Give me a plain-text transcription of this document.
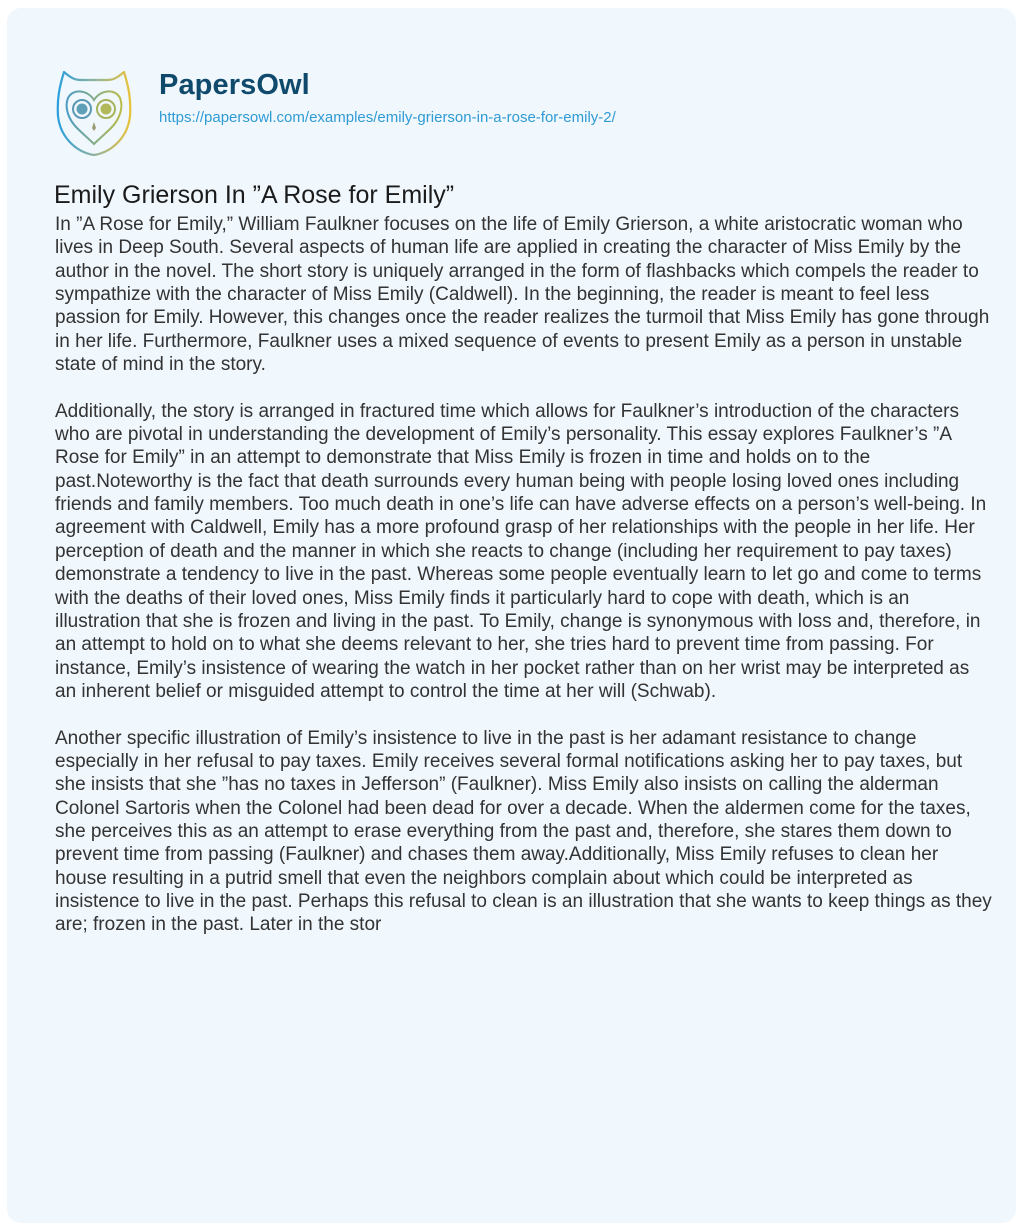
PapersOwl
https://papersowl.com/examples/emily-grierson-in-a-rose-for-emily-2/
Emily Grierson In ”A Rose for Emily”

In ”A Rose for Emily,” William Faulkner focuses on the life of Emily Grierson, a white aristocratic woman who lives in Deep South. Several aspects of human life are applied in creating the character of Miss Emily by the author in the novel. The short story is uniquely arranged in the form of flashbacks which compels the reader to sympathize with the character of Miss Emily (Caldwell). In the beginning, the reader is meant to feel less passion for Emily. However, this changes once the reader realizes the turmoil that Miss Emily has gone through in her life. Furthermore, Faulkner uses a mixed sequence of events to present Emily as a person in unstable state of mind in the story.

Additionally, the story is arranged in fractured time which allows for Faulkner’s introduction of the characters who are pivotal in understanding the development of Emily’s personality. This essay explores Faulkner’s ”A Rose for Emily” in an attempt to demonstrate that Miss Emily is frozen in time and holds on to the past.Noteworthy is the fact that death surrounds every human being with people losing loved ones including friends and family members. Too much death in one’s life can have adverse effects on a person’s well-being. In agreement with Caldwell, Emily has a more profound grasp of her relationships with the people in her life. Her perception of death and the manner in which she reacts to change (including her requirement to pay taxes) demonstrate a tendency to live in the past. Whereas some people eventually learn to let go and come to terms with the deaths of their loved ones, Miss Emily finds it particularly hard to cope with death, which is an illustration that she is frozen and living in the past. To Emily, change is synonymous with loss and, therefore, in an attempt to hold on to what she deems relevant to her, she tries hard to prevent time from passing. For instance, Emily’s insistence of wearing the watch in her pocket rather than on her wrist may be interpreted as an inherent belief or misguided attempt to control the time at her will (Schwab).

Another specific illustration of Emily’s insistence to live in the past is her adamant resistance to change especially in her refusal to pay taxes. Emily receives several formal notifications asking her to pay taxes, but she insists that she ”has no taxes in Jefferson” (Faulkner). Miss Emily also insists on calling the alderman Colonel Sartoris when the Colonel had been dead for over a decade. When the aldermen come for the taxes, she perceives this as an attempt to erase everything from the past and, therefore, she stares them down to prevent time from passing (Faulkner) and chases them away.Additionally, Miss Emily refuses to clean her house resulting in a putrid smell that even the neighbors complain about which could be interpreted as insistence to live in the past. Perhaps this refusal to clean is an illustration that she wants to keep things as they are; frozen in the past. Later in the stor
